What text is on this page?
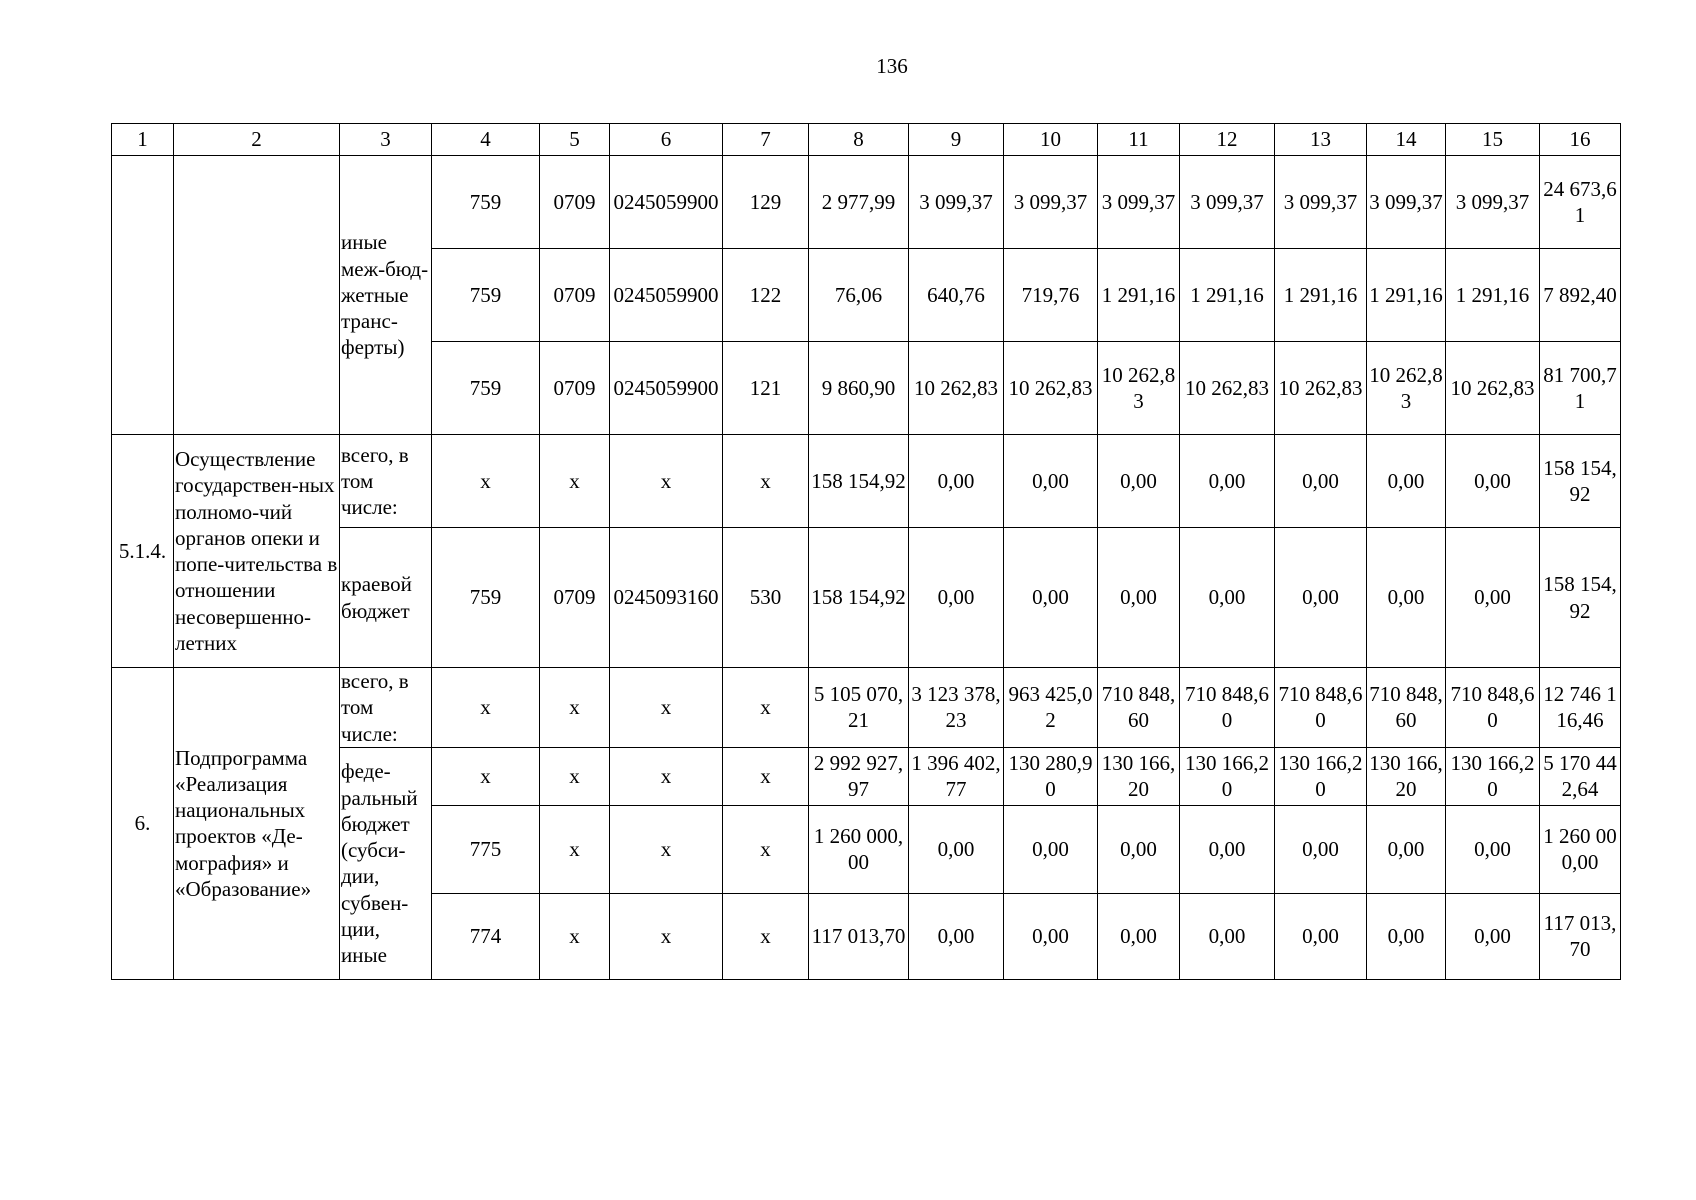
136
1	2	3	4	5	6	7	8	9	10	11	12	13	14	15	16
		иные меж-бюд-жетные транс-ферты)	759	0709	0245059900	129	2 977,99	3 099,37	3 099,37	3 099,37	3 099,37	3 099,37	3 099,37	3 099,37	24 673,61
			759	0709	0245059900	122	76,06	640,76	719,76	1 291,16	1 291,16	1 291,16	1 291,16	1 291,16	7 892,40
			759	0709	0245059900	121	9 860,90	10 262,83	10 262,83	10 262,83	10 262,83	10 262,83	10 262,83	10 262,83	81 700,71
5.1.4.	Осуществление государствен-ных полномо-чий органов опеки и попе-чительства в отношении несовершенно-летних	всего, в том числе:	х	х	х	х	158 154,92	0,00	0,00	0,00	0,00	0,00	0,00	0,00	158 154,92
		краевой бюджет	759	0709	0245093160	530	158 154,92	0,00	0,00	0,00	0,00	0,00	0,00	0,00	158 154,92
6.	Подпрограмма «Реализация национальных проектов «Де-мография» и «Образование»	всего, в том числе:	х	х	х	х	5 105 070,21	3 123 378,23	963 425,02	710 848,60	710 848,60	710 848,60	710 848,60	710 848,60	12 746 116,46
		феде-ральный бюджет (субси-дии, субвен-ции, иные	х	х	х	х	2 992 927,97	1 396 402,77	130 280,90	130 166,20	130 166,20	130 166,20	130 166,20	130 166,20	5 170 442,64
			775	х	х	х	1 260 000,00	0,00	0,00	0,00	0,00	0,00	0,00	0,00	1 260 000,00
			774	х	х	х	117 013,70	0,00	0,00	0,00	0,00	0,00	0,00	0,00	117 013,70
